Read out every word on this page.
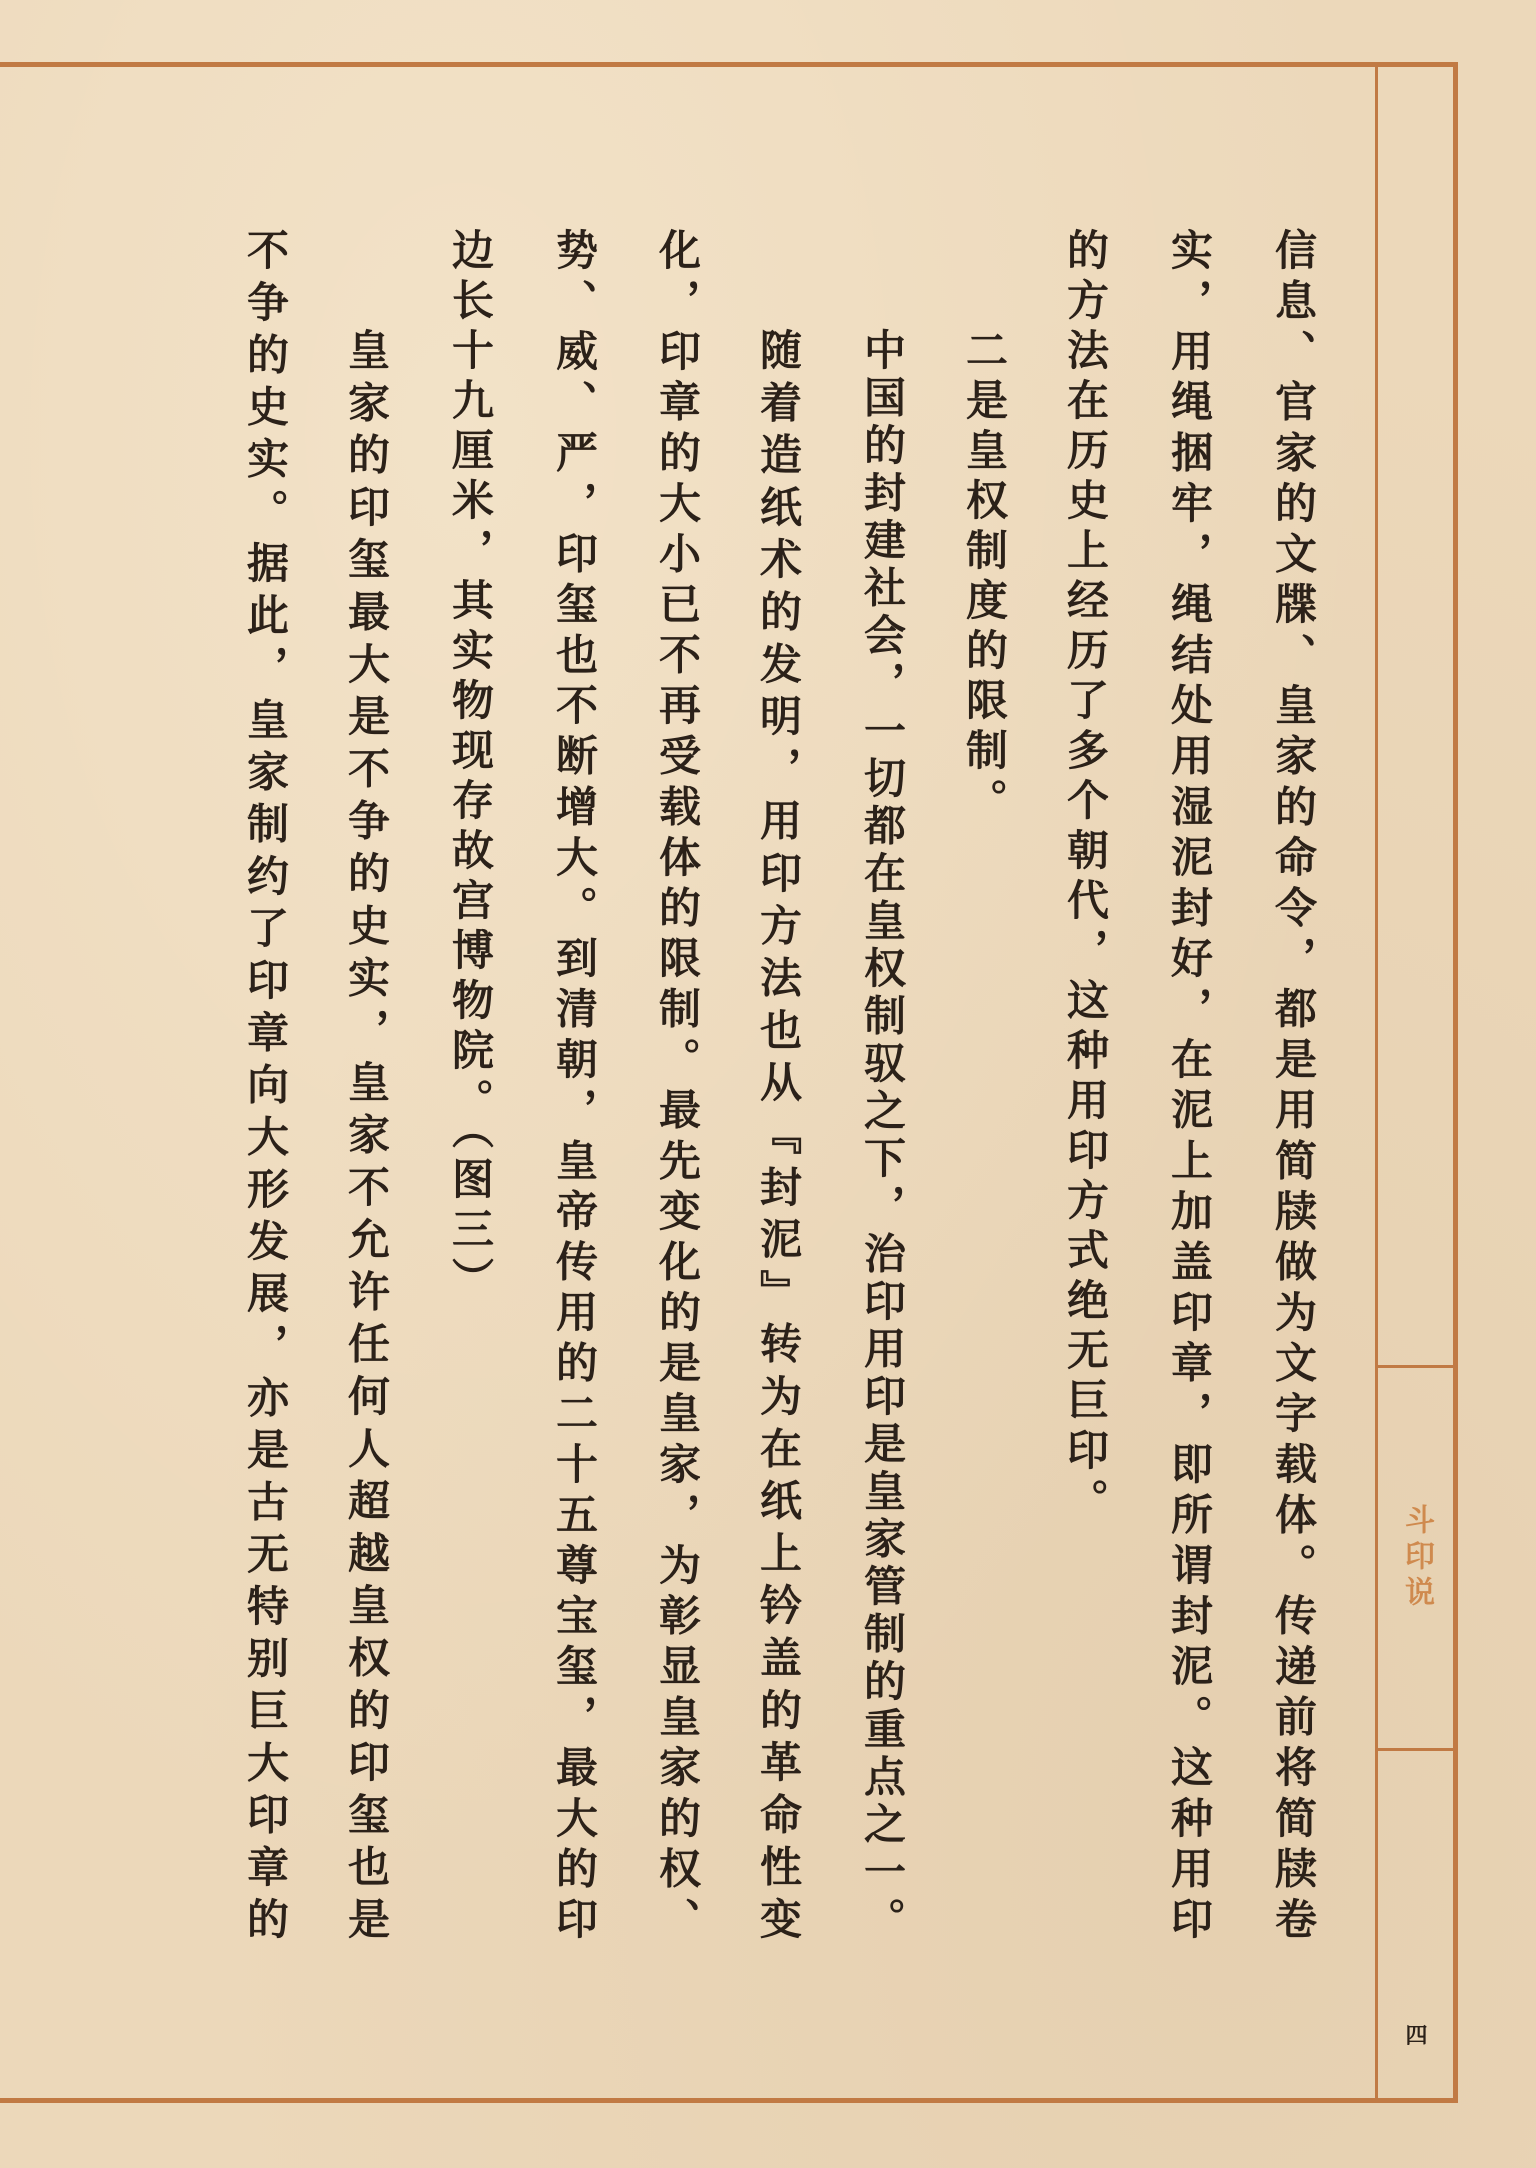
信息、官家的文牒、皇家的命令，都是用简牍做为文字载体。传递前将简牍卷
实，用绳捆牢，绳结处用湿泥封好，在泥上加盖印章，即所谓封泥。这种用印
的方法在历史上经历了多个朝代，这种用印方式绝无巨印。
二是皇权制度的限制。
中国的封建社会，一切都在皇权制驭之下，治印用印是皇家管制的重点之一。
随着造纸术的发明，用印方法也从『封泥』转为在纸上钤盖的革命性变
化，印章的大小已不再受载体的限制。最先变化的是皇家，为彰显皇家的权、
势、威、严，印玺也不断增大。到清朝，皇帝传用的二十五尊宝玺，最大的印
边长十九厘米，其实物现存故宫博物院。（图三）
皇家的印玺最大是不争的史实，皇家不允许任何人超越皇权的印玺也是
不争的史实。据此，皇家制约了印章向大形发展，亦是古无特别巨大印章的	斗印说
四
